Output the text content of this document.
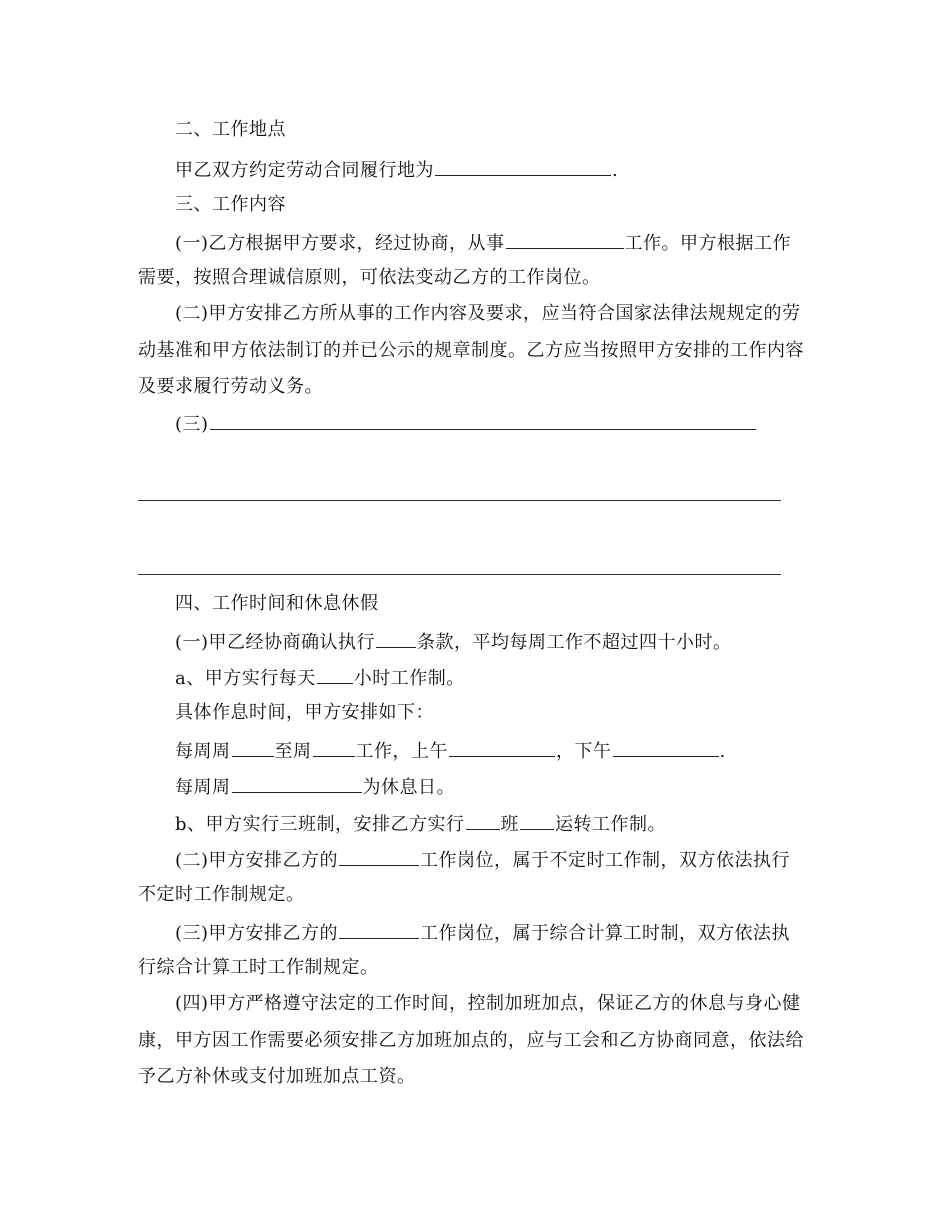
二、工作地点
甲乙双方约定劳动合同履行地为	.
三、工作内容
(一)乙方根据甲方要求，经过协商，从事	工作。甲方根据工作
需要，按照合理诚信原则，可依法变动乙方的工作岗位。
(二)甲方安排乙方所从事的工作内容及要求，应当符合国家法律法规规定的劳
动基准和甲方依法制订的并已公示的规章制度。乙方应当按照甲方安排的工作内容
及要求履行劳动义务。
(三)
四、工作时间和休息休假
(一)甲乙经协商确认执行 条款，平均每周工作不超过四十小时。
a、甲方实行每天 小时工作制。
具体作息时间，甲方安排如下：
每周周 至周 工作，上午	，下午	.
每周周	为休息日。
b、甲方实行三班制，安排乙方实行 班 运转工作制。
(二)甲方安排乙方的	工作岗位，属于不定时工作制，双方依法执行
不定时工作制规定。
(三)甲方安排乙方的	工作岗位，属于综合计算工时制，双方依法执
行综合计算工时工作制规定。
(四)甲方严格遵守法定的工作时间，控制加班加点，保证乙方的休息与身心健
康，甲方因工作需要必须安排乙方加班加点的，应与工会和乙方协商同意，依法给
予乙方补休或支付加班加点工资。
